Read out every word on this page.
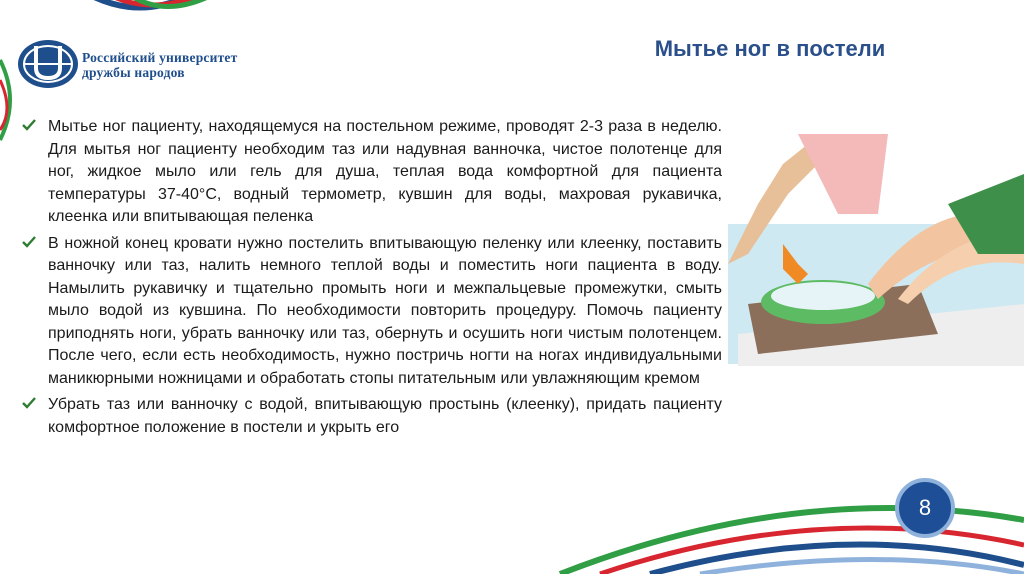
Российский университет
дружбы народов
Мытье ног в постели
Мытье ног пациенту, находящемуся на постельном режиме, проводят 2-3 раза в неделю. Для мытья ног пациенту необходим таз или надувная ванночка, чистое полотенце для ног, жидкое мыло или гель для душа, теплая вода комфортной для пациента температуры 37-40°С, водный термометр, кувшин для воды, махровая рукавичка, клеенка или впитывающая пеленка
В ножной конец кровати нужно постелить впитывающую пеленку или клеенку, поставить ванночку или таз, налить немного теплой воды и поместить ноги пациента в воду. Намылить рукавичку и тщательно промыть ноги и межпальцевые промежутки, смыть мыло водой из кувшина. По необходимости повторить процедуру. Помочь пациенту приподнять ноги, убрать ванночку или таз, обернуть и осушить ноги чистым полотенцем. После чего, если есть необходимость, нужно постричь ногти на ногах индивидуальными маникюрными ножницами и обработать стопы питательным или увлажняющим кремом
Убрать таз или ванночку с водой, впитывающую простынь (клеенку), придать пациенту комфортное положение в постели и укрыть его
8
